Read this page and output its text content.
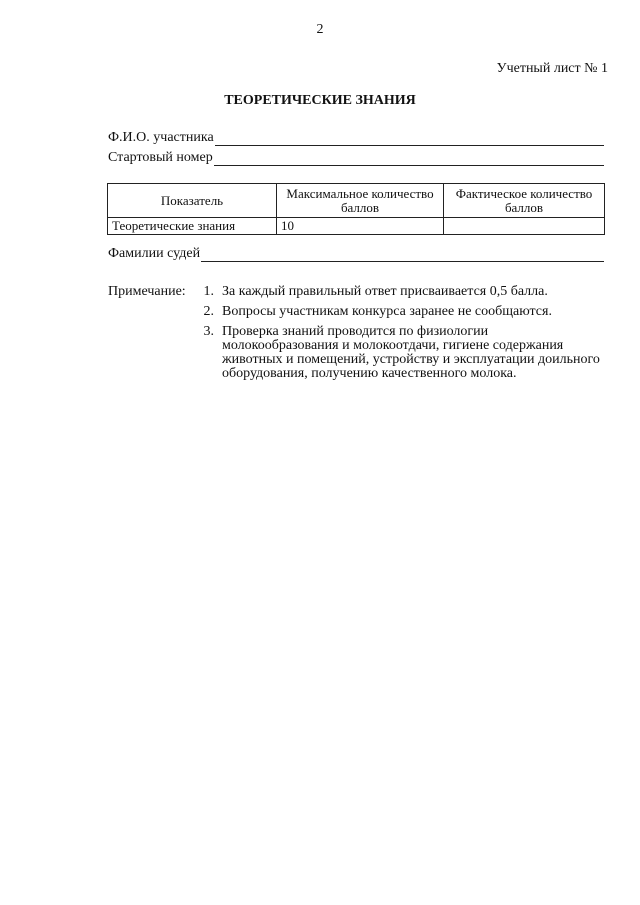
2
Учетный лист № 1
ТЕОРЕТИЧЕСКИЕ ЗНАНИЯ
Ф.И.О. участника
Стартовый номер
Показатель	Максимальное количество баллов	Фактическое количество баллов
Теоретические знания	10	
Фамилии судей
Примечание: 1. За каждый правильный ответ присваивается 0,5 балла.
2. Вопросы участникам конкурса заранее не сообщаются.
3. Проверка знаний проводится по физиологии молокообразования и молокоотдачи, гигиене содержания животных и помещений, устройству и эксплуатации доильного оборудования, получению качественного молока.
